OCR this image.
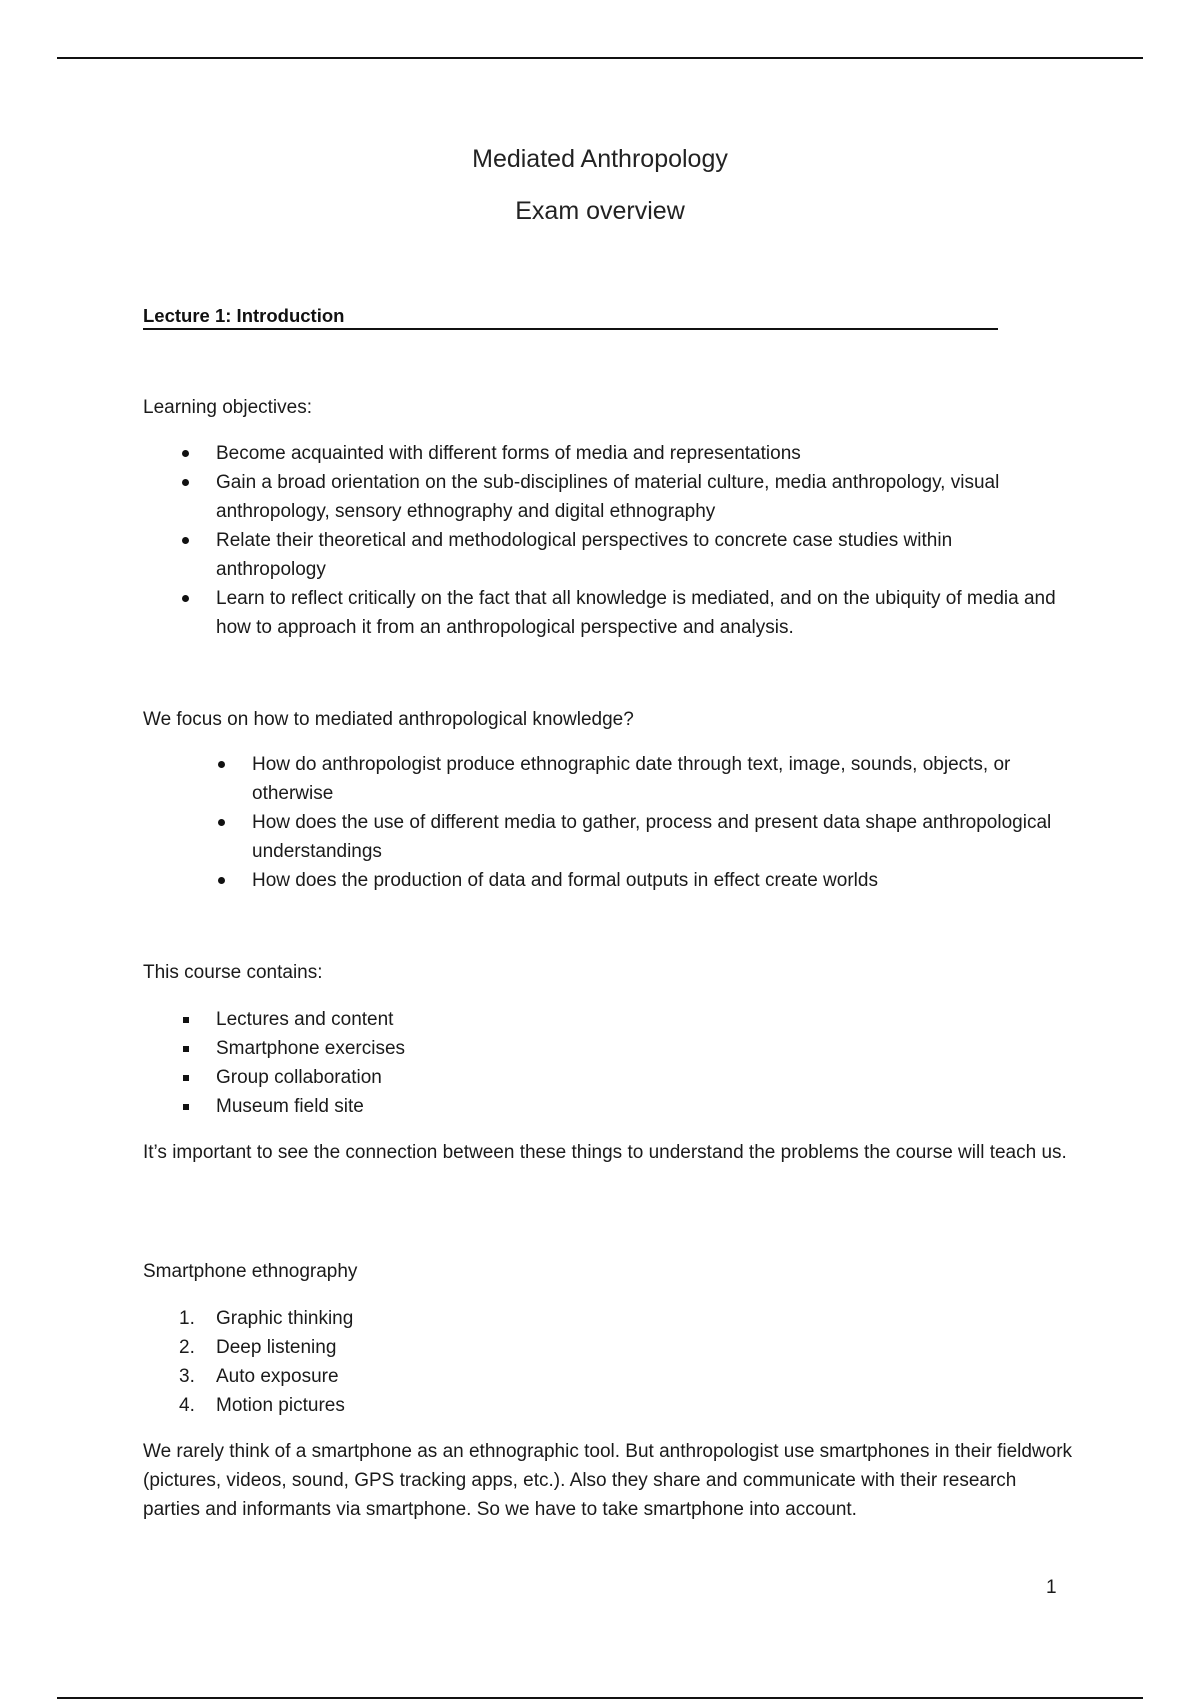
Mediated Anthropology
Exam overview
Lecture 1: Introduction
Learning objectives:
Become acquainted with different forms of media and representations
Gain a broad orientation on the sub-disciplines of material culture, media anthropology, visual anthropology, sensory ethnography and digital ethnography
Relate their theoretical and methodological perspectives to concrete case studies within anthropology
Learn to reflect critically on the fact that all knowledge is mediated, and on the ubiquity of media and how to approach it from an anthropological perspective and analysis.
We focus on how to mediated anthropological knowledge?
How do anthropologist produce ethnographic date through text, image, sounds, objects, or otherwise
How does the use of different media to gather, process and present data shape anthropological understandings
How does the production of data and formal outputs in effect create worlds
This course contains:
Lectures and content
Smartphone exercises
Group collaboration
Museum field site
It’s important to see the connection between these things to understand the problems the course will teach us.
Smartphone ethnography
1. Graphic thinking
2. Deep listening
3. Auto exposure
4. Motion pictures
We rarely think of a smartphone as an ethnographic tool. But anthropologist use smartphones in their fieldwork (pictures, videos, sound, GPS tracking apps, etc.). Also they share and communicate with their research parties and informants via smartphone. So we have to take smartphone into account.
1
